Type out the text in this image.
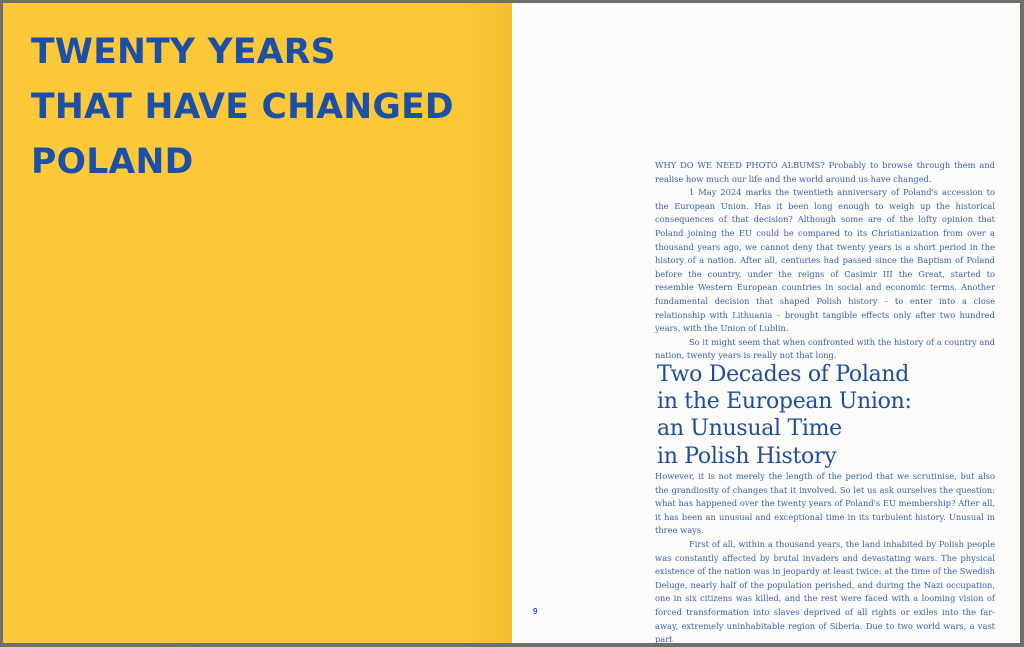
TWENTY YEARS
THAT HAVE CHANGED
POLAND
9

WHY DO WE NEED PHOTO ALBUMS? Probably to browse through them and realise how much our life and the world around us have changed.

1 May 2024 marks the twentieth anniversary of Poland's accession to the European Union. Has it been long enough to weigh up the historical consequences of that decision? Although some are of the lofty opinion that Poland joining the EU could be compared to its Christianization from over a thousand years ago, we cannot deny that twenty years is a short period in the history of a nation. After all, centuries had passed since the Baptism of Poland before the country, under the reigns of Casimir III the Great, started to resemble Western European countries in social and economic terms. Another fundamental decision that shaped Polish history – to enter into a close relationship with Lithuania – brought tangible effects only after two hundred years, with the Union of Lublin.

So it might seem that when confronted with the history of a country and nation, twenty years is really not that long.

Two Decades of Poland
in the European Union:
an Unusual Time
in Polish History

However, it is not merely the length of the period that we scrutinise, but also the grandiosity of changes that it involved. So let us ask ourselves the question: what has happened over the twenty years of Poland's EU membership? After all, it has been an unusual and exceptional time in its turbulent history. Unusual in three ways.

First of all, within a thousand years, the land inhabited by Polish people was constantly affected by brutal invaders and devastating wars. The physical existence of the nation was in jeopardy at least twice: at the time of the Swedish Deluge, nearly half of the population perished, and during the Nazi occupation, one in six citizens was killed, and the rest were faced with a looming vision of forced transformation into slaves deprived of all rights or exiles into the far-away, extremely uninhabitable region of Siberia. Due to two world wars, a vast part
